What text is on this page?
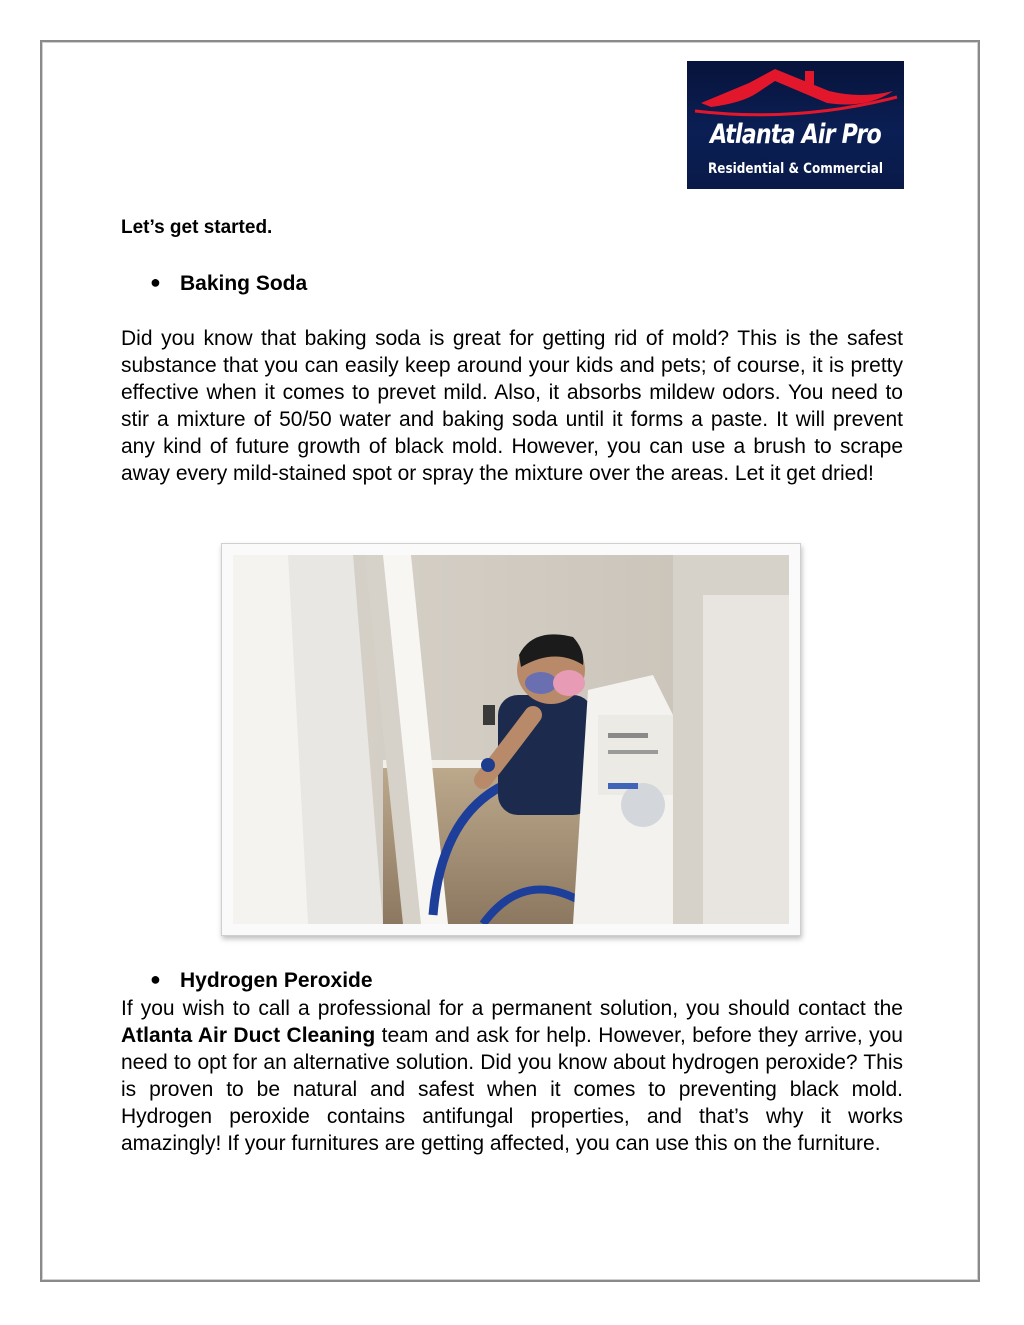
Atlanta Air Pro
Residential & Commercial

Let’s get started.

● Baking Soda

Did you know that baking soda is great for getting rid of mold? This is the safest substance that you can easily keep around your kids and pets; of course, it is pretty effective when it comes to prevet mild. Also, it absorbs mildew odors. You need to stir a mixture of 50/50 water and baking soda until it forms a paste. It will prevent any kind of future growth of black mold. However, you can use a brush to scrape away every mild-stained spot or spray the mixture over the areas. Let it get dried!

● Hydrogen Peroxide

If you wish to call a professional for a permanent solution, you should contact the Atlanta Air Duct Cleaning team and ask for help. However, before they arrive, you need to opt for an alternative solution. Did you know about hydrogen peroxide? This is proven to be natural and safest when it comes to preventing black mold. Hydrogen peroxide contains antifungal properties, and that’s why it works amazingly! If your furnitures are getting affected, you can use this on the furniture.
